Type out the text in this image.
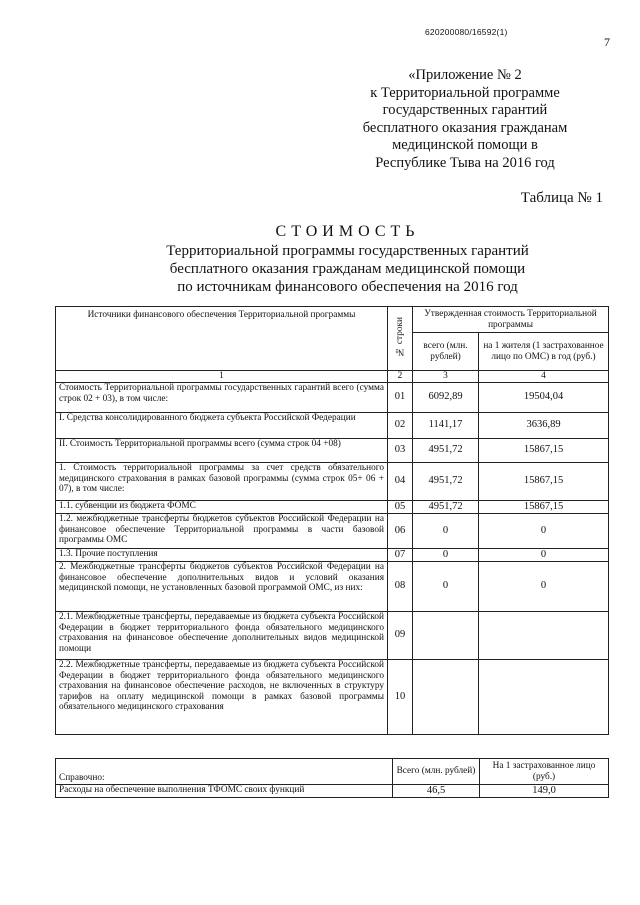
620200080/16592(1)
7
«Приложение № 2
к Территориальной программе
государственных гарантий
бесплатного оказания гражданам
медицинской помощи в
Республике Тыва на 2016 год
Таблица № 1
СТОИМОСТЬ
Территориальной программы государственных гарантий
бесплатного оказания гражданам медицинской помощи
по источникам финансового обеспечения на 2016 год
Источники финансового обеспечения Территориальной программы	№ строки	Утвержденная стоимость Территориальной программы	
		всего (млн. рублей)	на 1 жителя (1 застрахованное лицо по ОМС) в год (руб.)
1	2	3	4
Стоимость Территориальной программы государственных гарантий всего (сумма строк 02 + 03), в том числе:	01	6092,89	19504,04
I. Средства консолидированного бюджета субъекта Российской Федерации	02	1141,17	3636,89
II. Стоимость Территориальной программы всего (сумма строк 04 +08)	03	4951,72	15867,15
1. Стоимость территориальной программы за счет средств обязательного медицинского страхования в рамках базовой программы (сумма строк 05+ 06 + 07), в том числе:	04	4951,72	15867,15
1.1. субвенции из бюджета ФОМС	05	4951,72	15867,15
1.2. межбюджетные трансферты бюджетов субъектов Российской Федерации на финансовое обеспечение Территориальной программы в части базовой программы ОМС	06	0	0
1.3. Прочие поступления	07	0	0
2. Межбюджетные трансферты бюджетов субъектов Российской Федерации на финансовое обеспечение дополнительных видов и условий оказания медицинской помощи, не установленных базовой программой ОМС, из них:	08	0	0
2.1. Межбюджетные трансферты, передаваемые из бюджета субъекта Российской Федерации в бюджет территориального фонда обязательного медицинского страхования на финансовое обеспечение дополнительных видов медицинской помощи	09		
2.2. Межбюджетные трансферты, передаваемые из бюджета субъекта Российской Федерации в бюджет территориального фонда обязательного медицинского страхования на финансовое обеспечение расходов, не включенных в структуру тарифов на оплату медицинской помощи в рамках базовой программы обязательного медицинского страхования	10		
Справочно:	Всего (млн. рублей)	На 1 застрахованное лицо (руб.)
Расходы на обеспечение выполнения ТФОМС своих функций	46,5	149,0
